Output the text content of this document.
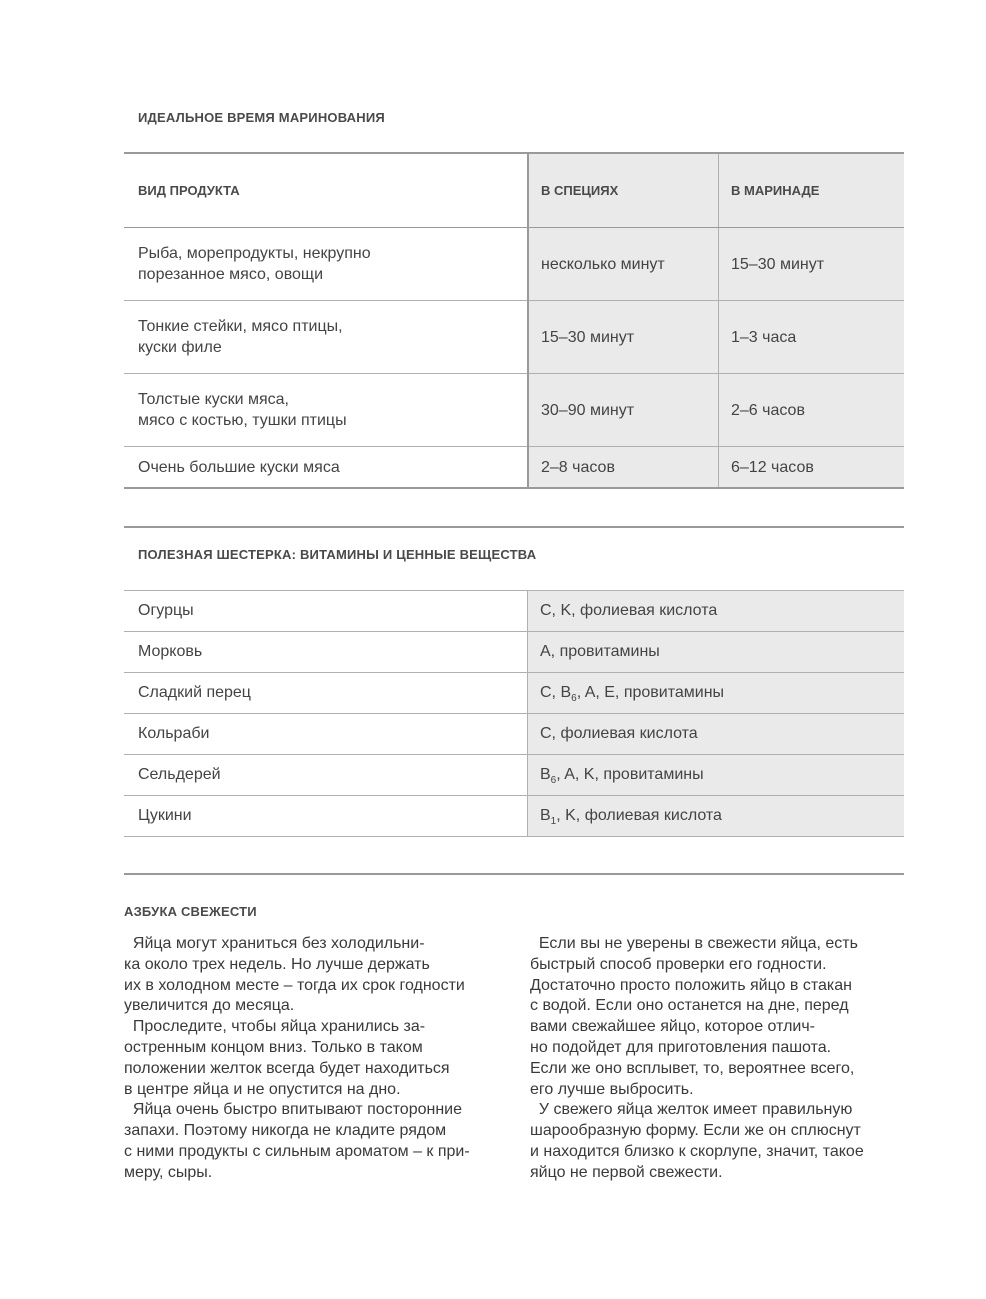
ИДЕАЛЬНОЕ ВРЕМЯ МАРИНОВАНИЯ
ВИД ПРОДУКТА	В СПЕЦИЯХ	В МАРИНАДЕ
Рыба, морепродукты, некрупно
порезанное мясо, овощи	несколько минут	15–30 минут
Тонкие стейки, мясо птицы,
куски филе	15–30 минут	1–3 часа
Толстые куски мяса,
мясо с костью, тушки птицы	30–90 минут	2–6 часов
Очень большие куски мяса	2–8 часов	6–12 часов
ПОЛЕЗНАЯ ШЕСТЕРКА: ВИТАМИНЫ И ЦЕННЫЕ ВЕЩЕСТВА
Огурцы	C, K, фолиевая кислота
Морковь	A, провитамины
Сладкий перец	C, $B_6$, A, E, провитамины
Кольраби	C, фолиевая кислота
Сельдерей	$B_6$, A, K, провитамины
Цукини	$B_1$, K, фолиевая кислота
АЗБУКА СВЕЖЕСТИ
Яйца могут храниться без холодильни-
ка около трех недель. Но лучше держать
их в холодном месте – тогда их срок годности
увеличится до месяца.
Проследите, чтобы яйца хранились за-
остренным концом вниз. Только в таком
положении желток всегда будет находиться
в центре яйца и не опустится на дно.
Яйца очень быстро впитывают посторонние
запахи. Поэтому никогда не кладите рядом
с ними продукты с сильным ароматом – к при-
меру, сыры.
Если вы не уверены в свежести яйца, есть
быстрый способ проверки его годности.
Достаточно просто положить яйцо в стакан
с водой. Если оно останется на дне, перед
вами свежайшее яйцо, которое отлич-
но подойдет для приготовления пашота.
Если же оно всплывет, то, вероятнее всего,
его лучше выбросить.
У свежего яйца желток имеет правильную
шарообразную форму. Если же он сплюснут
и находится близко к скорлупе, значит, такое
яйцо не первой свежести.
